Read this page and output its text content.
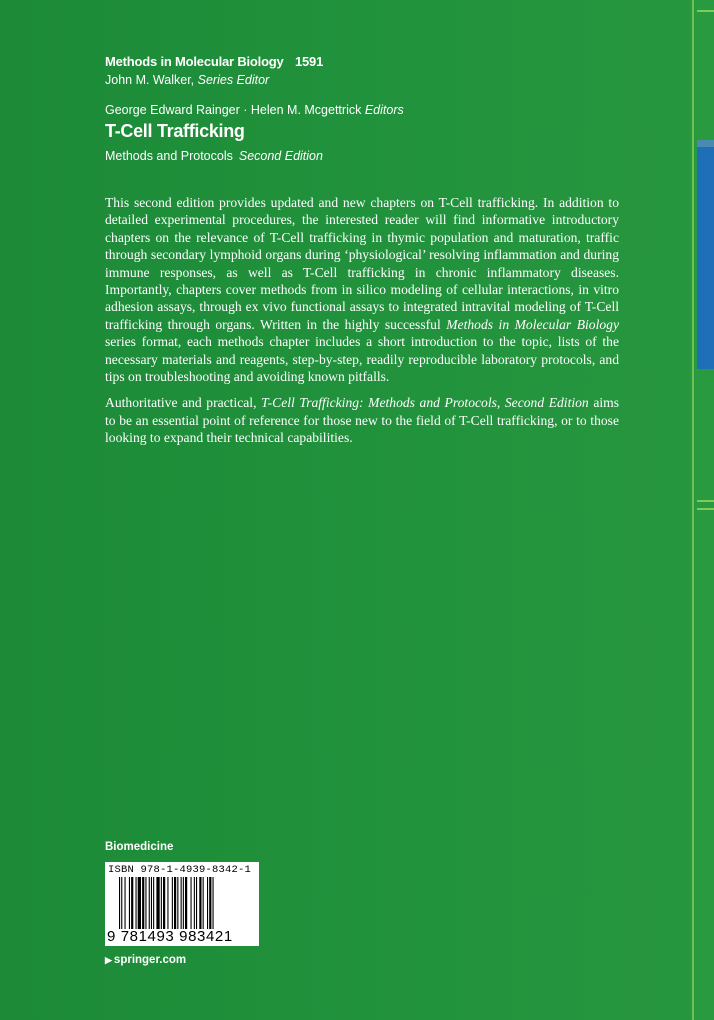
Methods in Molecular Biology 1591
John M. Walker, Series Editor
George Edward Rainger · Helen M. Mcgettrick Editors
T-Cell Trafficking
Methods and Protocols Second Edition

This second edition provides updated and new chapters on T-Cell trafficking. In addition to detailed experimental procedures, the interested reader will find informative introductory chapters on the relevance of T-Cell trafficking in thymic population and maturation, traffic through secondary lymphoid organs during ‘physiological’ resolving inflammation and during immune responses, as well as T-Cell trafficking in chronic inflammatory diseases. Importantly, chapters cover methods from in silico modeling of cellular interactions, in vitro adhesion assays, through ex vivo functional assays to integrated intravital modeling of T-Cell trafficking through organs. Written in the highly successful Methods in Molecular Biology series format, each methods chapter includes a short introduction to the topic, lists of the necessary materials and reagents, step-by-step, readily reproducible laboratory protocols, and tips on troubleshooting and avoiding known pitfalls.

Authoritative and practical, T-Cell Trafficking: Methods and Protocols, Second Edition aims to be an essential point of reference for those new to the field of T-Cell trafficking, or to those looking to expand their technical capabilities.

Biomedicine
ISBN 978-1-4939-8342-1
9 781493 983421
▶ springer.com
